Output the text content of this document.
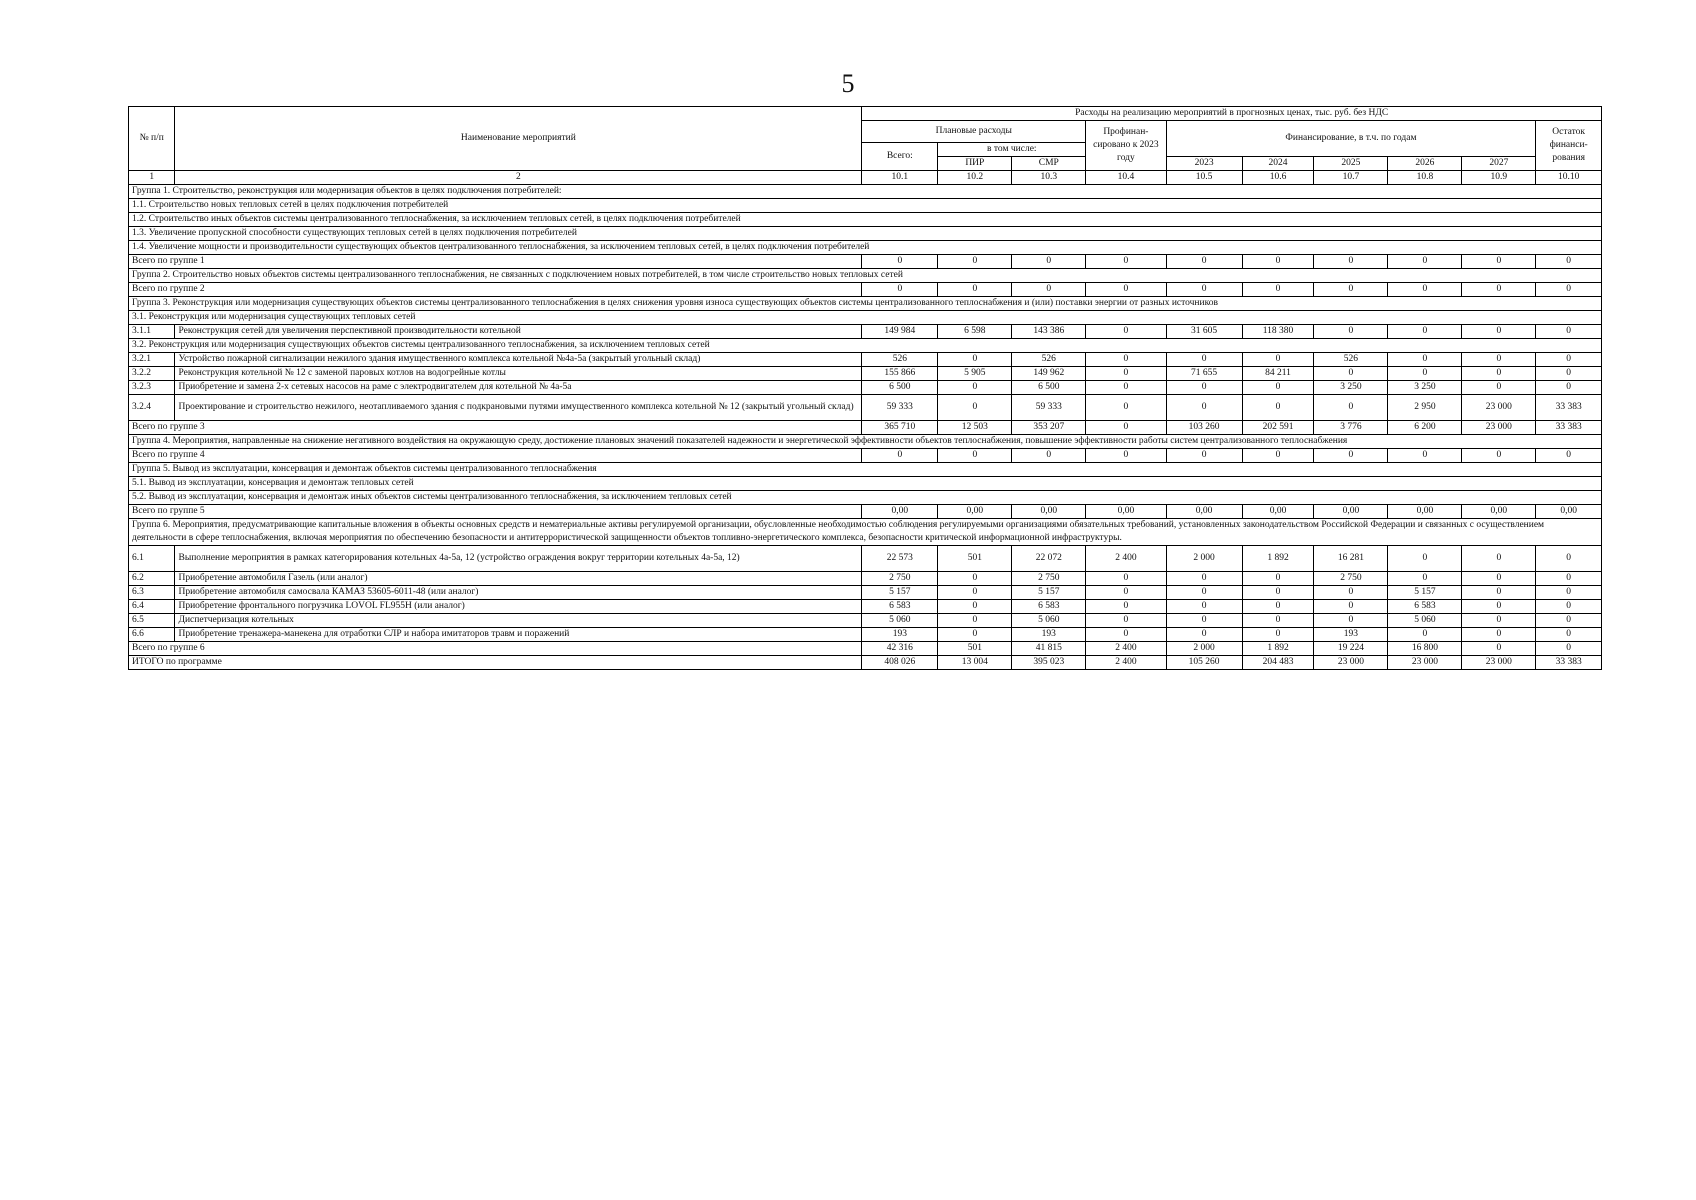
5
№ п/п	Наименование мероприятий	Расходы на реализацию мероприятий в прогнозных ценах, тыс. руб. без НДС									
		Плановые расходы			Профинан-сировано к 2023 году	Финансирование, в т.ч. по годам					Остаток финанси-рования
		Всего:	в том числе:								
			ПИР	СМР		2023	2024	2025	2026	2027	
1	2	10.1	10.2	10.3	10.4	10.5	10.6	10.7	10.8	10.9	10.10
Группа 1. Строительство, реконструкция или модернизация объектов в целях подключения потребителей:											
1.1. Строительство новых тепловых сетей в целях подключения потребителей											
1.2. Строительство иных объектов системы централизованного теплоснабжения, за исключением тепловых сетей, в целях подключения потребителей											
1.3. Увеличение пропускной способности существующих тепловых сетей в целях подключения потребителей											
1.4. Увеличение мощности и производительности существующих объектов централизованного теплоснабжения, за исключением тепловых сетей, в целях подключения потребителей											
Всего по группе 1		0	0	0	0	0	0	0	0	0	0
Группа 2. Строительство новых объектов системы централизованного теплоснабжения, не связанных с подключением новых потребителей, в том числе строительство новых тепловых сетей											
Всего по группе 2		0	0	0	0	0	0	0	0	0	0
Группа 3. Реконструкция или модернизация существующих объектов системы централизованного теплоснабжения в целях снижения уровня износа существующих объектов системы централизованного теплоснабжения и (или) поставки энергии от разных источников											
3.1. Реконструкция или модернизация существующих тепловых сетей											
3.1.1	Реконструкция сетей для увеличения перспективной производительности котельной	149 984	6 598	143 386	0	31 605	118 380	0	0	0	0
3.2. Реконструкция или модернизация существующих объектов системы централизованного теплоснабжения, за исключением тепловых сетей											
3.2.1	Устройство пожарной сигнализации нежилого здания имущественного комплекса котельной №4а-5а (закрытый угольный склад)	526	0	526	0	0	0	526	0	0	0
3.2.2	Реконструкция котельной № 12 с заменой паровых котлов на водогрейные котлы	155 866	5 905	149 962	0	71 655	84 211	0	0	0	0
3.2.3	Приобретение и замена 2-х сетевых насосов на раме с электродвигателем для котельной № 4а-5а	6 500	0	6 500	0	0	0	3 250	3 250	0	0
3.2.4	Проектирование и строительство нежилого, неотапливаемого здания с подкрановыми путями имущественного комплекса котельной № 12 (закрытый угольный склад)	59 333	0	59 333	0	0	0	0	2 950	23 000	33 383
Всего по группе 3		365 710	12 503	353 207	0	103 260	202 591	3 776	6 200	23 000	33 383
Группа 4. Мероприятия, направленные на снижение негативного воздействия на окружающую среду, достижение плановых значений показателей надежности и энергетической эффективности объектов теплоснабжения, повышение эффективности работы систем централизованного теплоснабжения											
Всего по группе 4		0	0	0	0	0	0	0	0	0	0
Группа 5. Вывод из эксплуатации, консервация и демонтаж объектов системы централизованного теплоснабжения											
5.1. Вывод из эксплуатации, консервация и демонтаж тепловых сетей											
5.2. Вывод из эксплуатации, консервация и демонтаж иных объектов системы централизованного теплоснабжения, за исключением тепловых сетей											
Всего по группе 5		0,00	0,00	0,00	0,00	0,00	0,00	0,00	0,00	0,00	0,00
Группа 6. Мероприятия, предусматривающие капитальные вложения в объекты основных средств и нематериальные активы регулируемой организации, обусловленные необходимостью соблюдения регулируемыми организациями обязательных требований, установленных законодательством Российской Федерации и связанных с осуществлением деятельности в сфере теплоснабжения, включая мероприятия по обеспечению безопасности и антитеррористической защищенности объектов топливно-энергетического комплекса, безопасности критической информационной инфраструктуры.											
6.1	Выполнение мероприятия в рамках категорирования котельных 4а-5а, 12 (устройство ограждения вокруг территории котельных 4а-5а, 12)	22 573	501	22 072	2 400	2 000	1 892	16 281	0	0	0
6.2	Приобретение автомобиля Газель (или аналог)	2 750	0	2 750	0	0	0	2 750	0	0	0
6.3	Приобретение автомобиля самосвала КАМАЗ 53605-6011-48 (или аналог)	5 157	0	5 157	0	0	0	0	5 157	0	0
6.4	Приобретение фронтального погрузчика LOVOL FL955H (или аналог)	6 583	0	6 583	0	0	0	0	6 583	0	0
6.5	Диспетчеризация котельных	5 060	0	5 060	0	0	0	0	5 060	0	0
6.6	Приобретение тренажера-манекена для отработки СЛР и набора имитаторов травм и поражений	193	0	193	0	0	0	193	0	0	0
Всего по группе 6		42 316	501	41 815	2 400	2 000	1 892	19 224	16 800	0	0
ИТОГО по программе		408 026	13 004	395 023	2 400	105 260	204 483	23 000	23 000	23 000	33 383
